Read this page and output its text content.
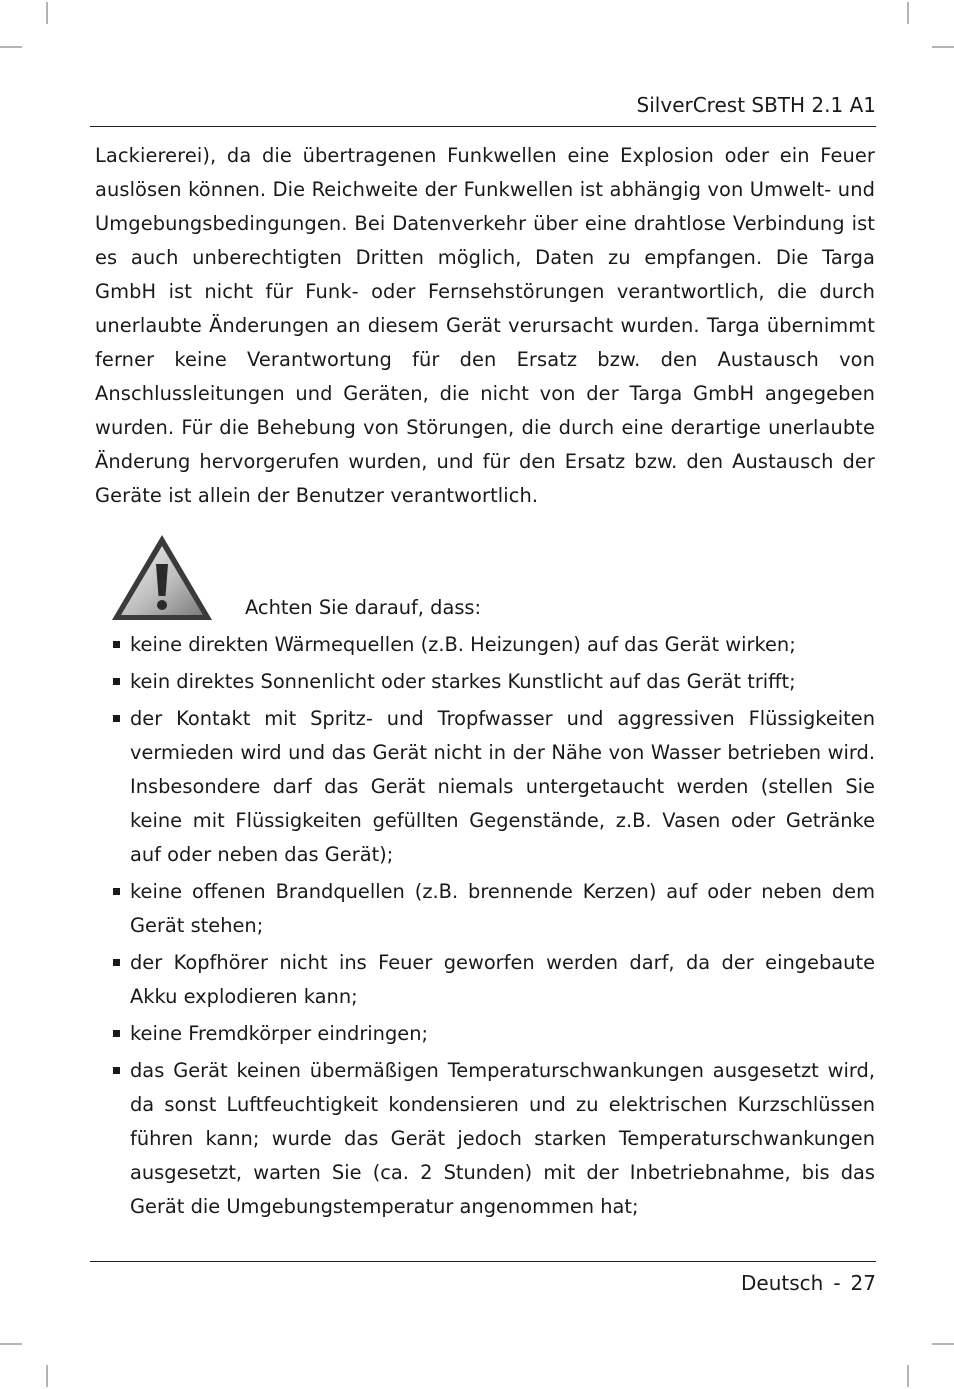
SilverCrest SBTH 2.1 A1

Lackiererei), da die übertragenen Funkwellen eine Explosion oder ein Feuer auslösen können. Die Reichweite der Funkwellen ist abhängig von Umwelt- und Umgebungsbedingungen. Bei Datenverkehr über eine drahtlose Verbindung ist es auch unberechtigten Dritten möglich, Daten zu empfangen. Die Targa GmbH ist nicht für Funk- oder Fernsehstörungen verantwortlich, die durch unerlaubte Änderungen an diesem Gerät verursacht wurden. Targa übernimmt ferner keine Verantwortung für den Ersatz bzw. den Austausch von Anschlussleitungen und Geräten, die nicht von der Targa GmbH angegeben wurden. Für die Behebung von Störungen, die durch eine derartige unerlaubte Änderung hervorgerufen wurden, und für den Ersatz bzw. den Austausch der Geräte ist allein der Benutzer verantwortlich.

Achten Sie darauf, dass:
keine direkten Wärmequellen (z.B. Heizungen) auf das Gerät wirken;
kein direktes Sonnenlicht oder starkes Kunstlicht auf das Gerät trifft;
der Kontakt mit Spritz- und Tropfwasser und aggressiven Flüssigkeiten vermieden wird und das Gerät nicht in der Nähe von Wasser betrieben wird. Insbesondere darf das Gerät niemals untergetaucht werden (stellen Sie keine mit Flüssigkeiten gefüllten Gegenstände, z.B. Vasen oder Getränke auf oder neben das Gerät);
keine offenen Brandquellen (z.B. brennende Kerzen) auf oder neben dem Gerät stehen;
der Kopfhörer nicht ins Feuer geworfen werden darf, da der eingebaute Akku explodieren kann;
keine Fremdkörper eindringen;
das Gerät keinen übermäßigen Temperaturschwankungen ausgesetzt wird, da sonst Luftfeuchtigkeit kondensieren und zu elektrischen Kurzschlüssen führen kann; wurde das Gerät jedoch starken Temperaturschwankungen ausgesetzt, warten Sie (ca. 2 Stunden) mit der Inbetriebnahme, bis das Gerät die Umgebungstemperatur angenommen hat;
Deutsch - 27
